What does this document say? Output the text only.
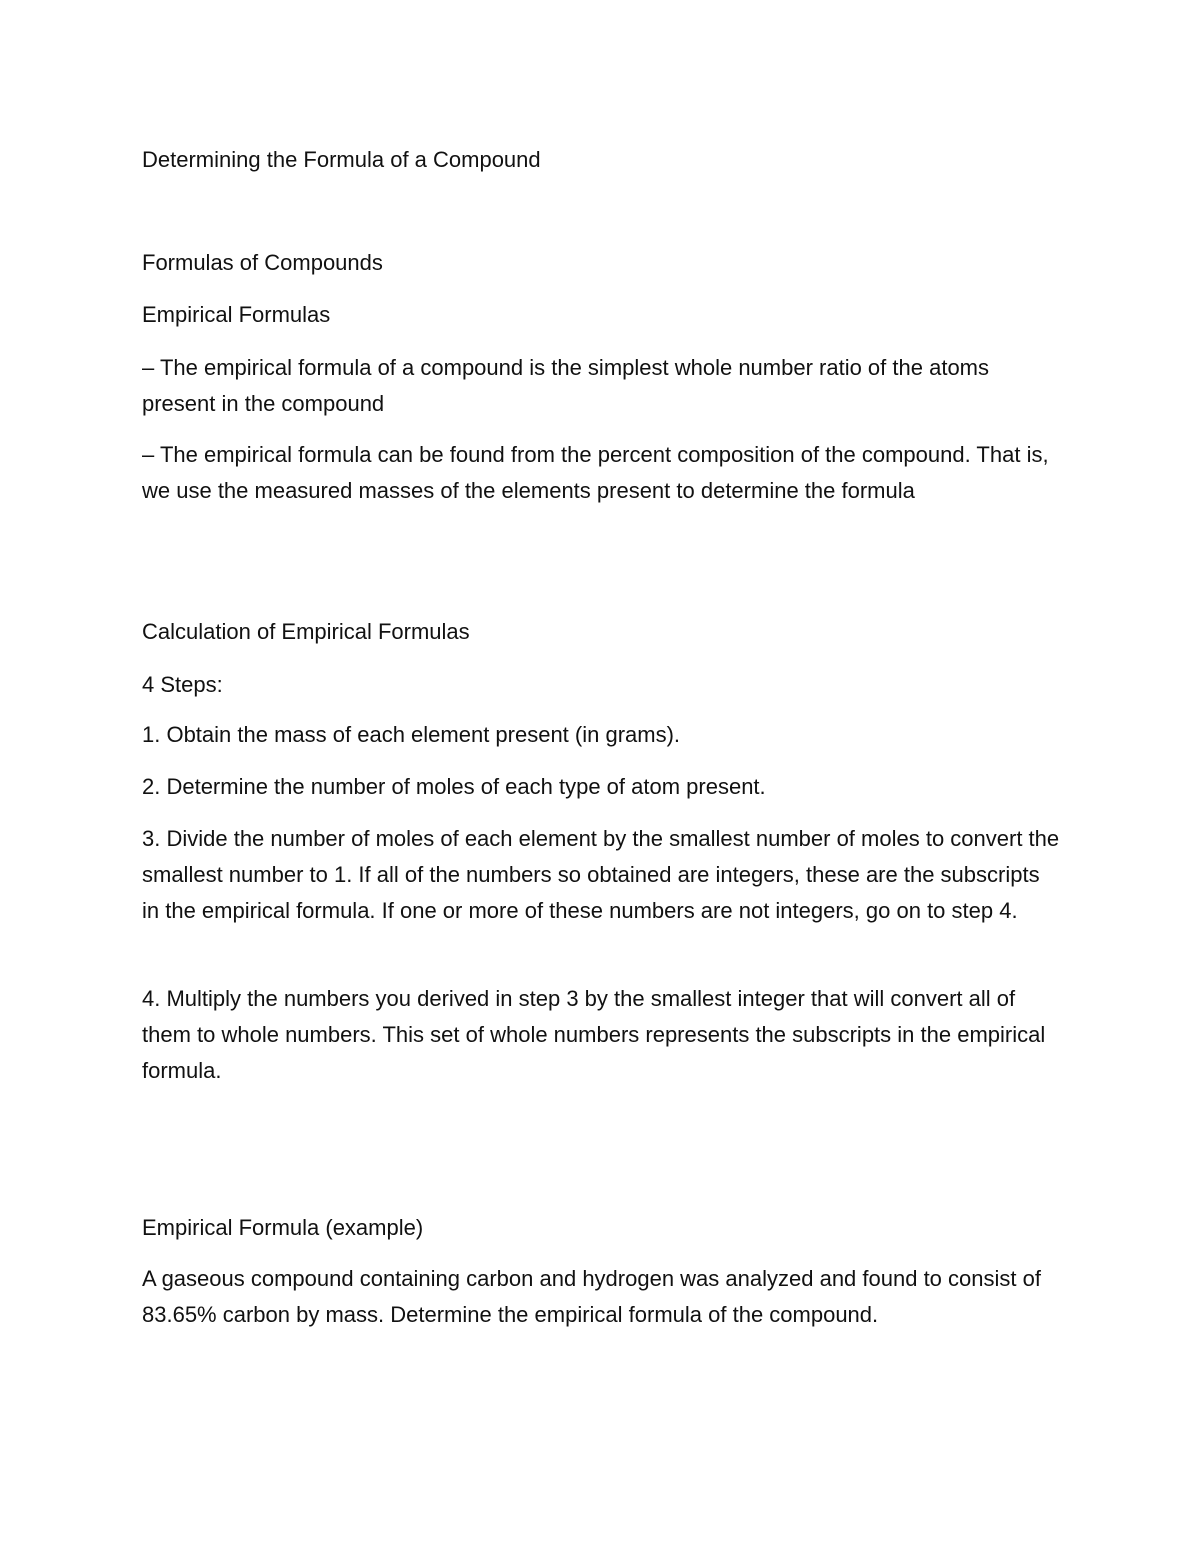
Determining the Formula of a Compound

Formulas of Compounds

Empirical Formulas

– The empirical formula of a compound is the simplest whole number ratio of the atoms present in the compound

– The empirical formula can be found from the percent composition of the compound. That is, we use the measured masses of the elements present to determine the formula

Calculation of Empirical Formulas

4 Steps:

1. Obtain the mass of each element present (in grams).

2. Determine the number of moles of each type of atom present.

3. Divide the number of moles of each element by the smallest number of moles to convert the smallest number to 1. If all of the numbers so obtained are integers, these are the subscripts in the empirical formula. If one or more of these numbers are not integers, go on to step 4.

4. Multiply the numbers you derived in step 3 by the smallest integer that will convert all of them to whole numbers. This set of whole numbers represents the subscripts in the empirical formula.

Empirical Formula (example)

A gaseous compound containing carbon and hydrogen was analyzed and found to consist of 83.65% carbon by mass. Determine the empirical formula of the compound.
